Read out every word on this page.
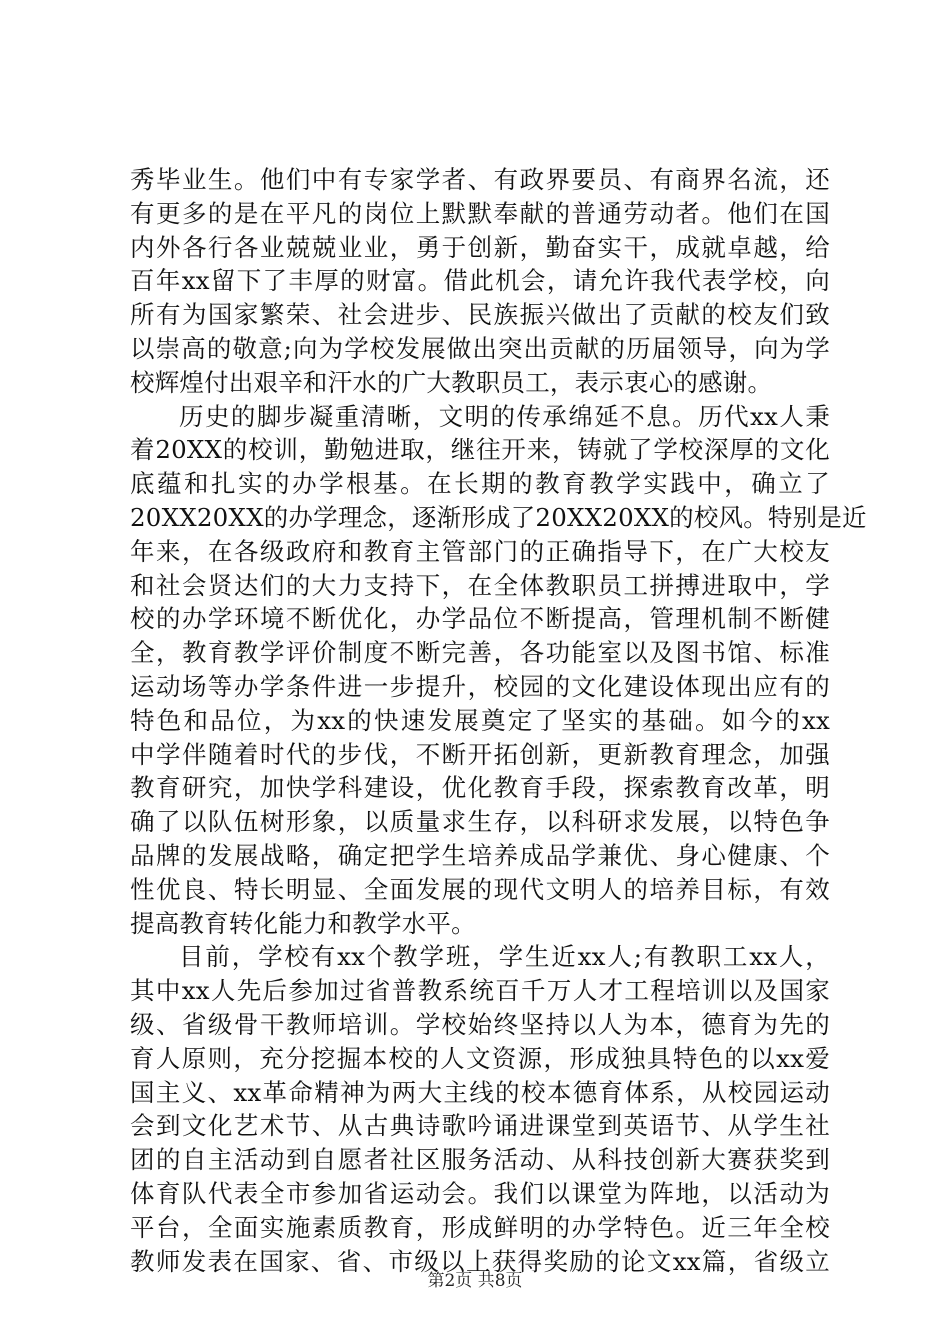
秀毕业生。他们中有专家学者、有政界要员、有商界名流，还
有更多的是在平凡的岗位上默默奉献的普通劳动者。他们在国
内外各行各业兢兢业业，勇于创新，勤奋实干，成就卓越，给
百年xx留下了丰厚的财富。借此机会，请允许我代表学校，向
所有为国家繁荣、社会进步、民族振兴做出了贡献的校友们致
以崇高的敬意;向为学校发展做出突出贡献的历届领导，向为学
校辉煌付出艰辛和汗水的广大教职员工，表示衷心的感谢。
历史的脚步凝重清晰，文明的传承绵延不息。历代xx人秉
着20XX的校训，勤勉进取，继往开来，铸就了学校深厚的文化
底蕴和扎实的办学根基。在长期的教育教学实践中，确立了
20XX20XX的办学理念，逐渐形成了20XX20XX的校风。特别是近
年来，在各级政府和教育主管部门的正确指导下，在广大校友
和社会贤达们的大力支持下，在全体教职员工拼搏进取中，学
校的办学环境不断优化，办学品位不断提高，管理机制不断健
全，教育教学评价制度不断完善，各功能室以及图书馆、标准
运动场等办学条件进一步提升，校园的文化建设体现出应有的
特色和品位，为xx的快速发展奠定了坚实的基础。如今的xx
中学伴随着时代的步伐，不断开拓创新，更新教育理念，加强
教育研究，加快学科建设，优化教育手段，探索教育改革，明
确了以队伍树形象，以质量求生存，以科研求发展，以特色争
品牌的发展战略，确定把学生培养成品学兼优、身心健康、个
性优良、特长明显、全面发展的现代文明人的培养目标，有效
提高教育转化能力和教学水平。
目前，学校有xx个教学班，学生近xx人;有教职工xx人，
其中xx人先后参加过省普教系统百千万人才工程培训以及国家
级、省级骨干教师培训。学校始终坚持以人为本，德育为先的
育人原则，充分挖掘本校的人文资源，形成独具特色的以xx爱
国主义、xx革命精神为两大主线的校本德育体系，从校园运动
会到文化艺术节、从古典诗歌吟诵进课堂到英语节、从学生社
团的自主活动到自愿者社区服务活动、从科技创新大赛获奖到
体育队代表全市参加省运动会。我们以课堂为阵地，以活动为
平台，全面实施素质教育，形成鲜明的办学特色。近三年全校
教师发表在国家、省、市级以上获得奖励的论文xx篇，省级立
第2页 共8页
